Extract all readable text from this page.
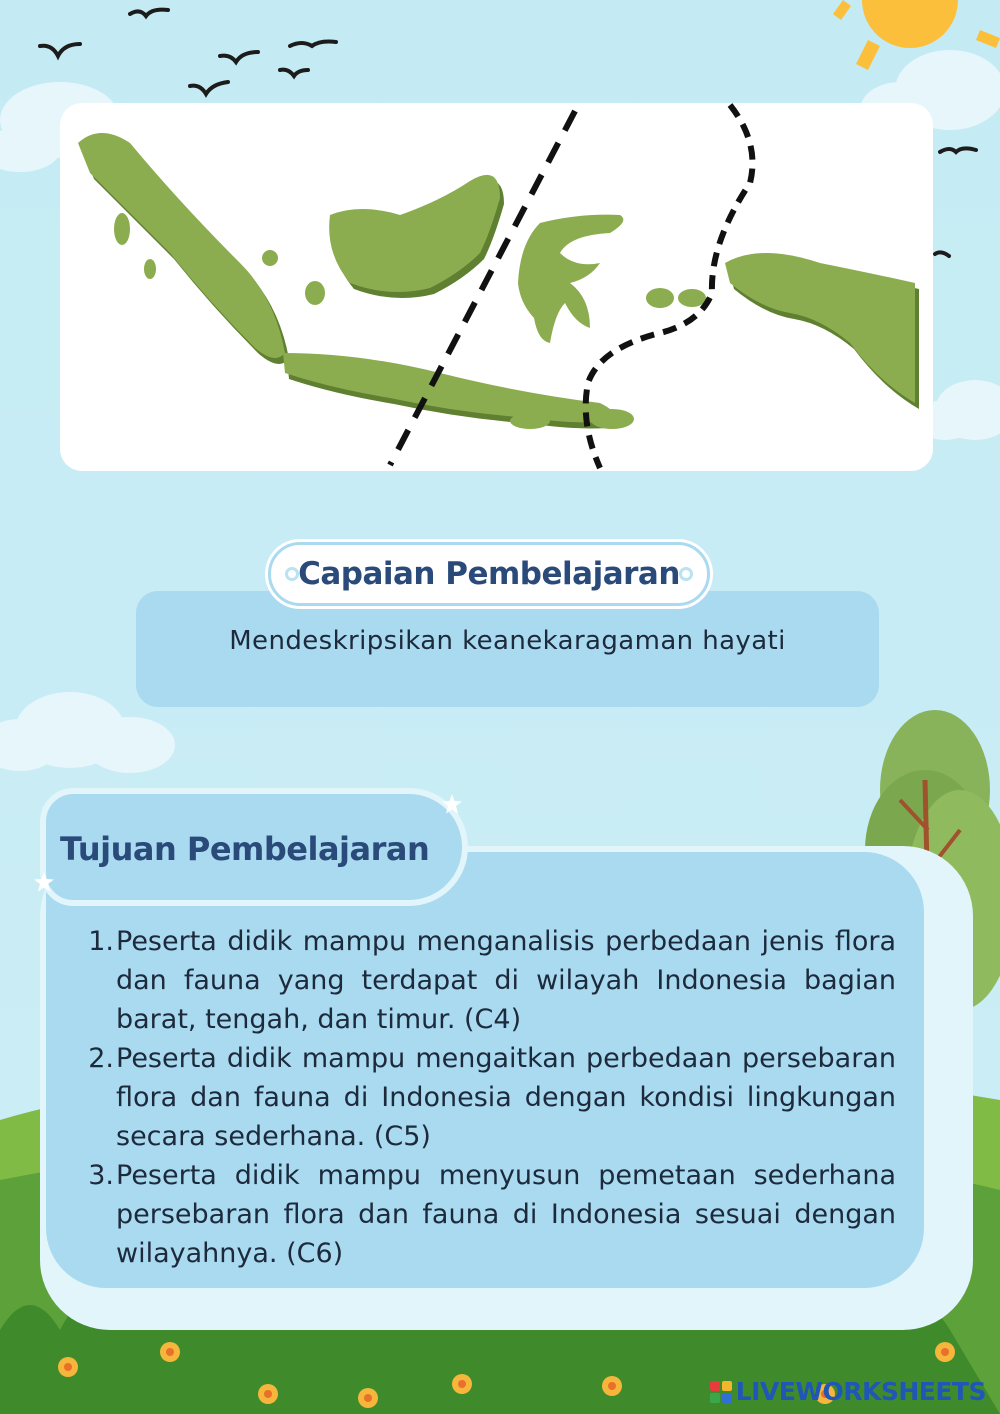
Capaian Pembelajaran
Mendeskripsikan keanekaragaman hayati
Tujuan Pembelajaran
1. Peserta didik mampu menganalisis perbedaan jenis flora dan fauna yang terdapat di wilayah Indonesia bagian barat, tengah, dan timur. (C4)
2. Peserta didik mampu mengaitkan perbedaan persebaran flora dan fauna di Indonesia dengan kondisi lingkungan secara sederhana. (C5)
3. Peserta didik mampu menyusun pemetaan sederhana persebaran flora dan fauna di Indonesia sesuai dengan wilayahnya. (C6)
LIVEWORKSHEETS
